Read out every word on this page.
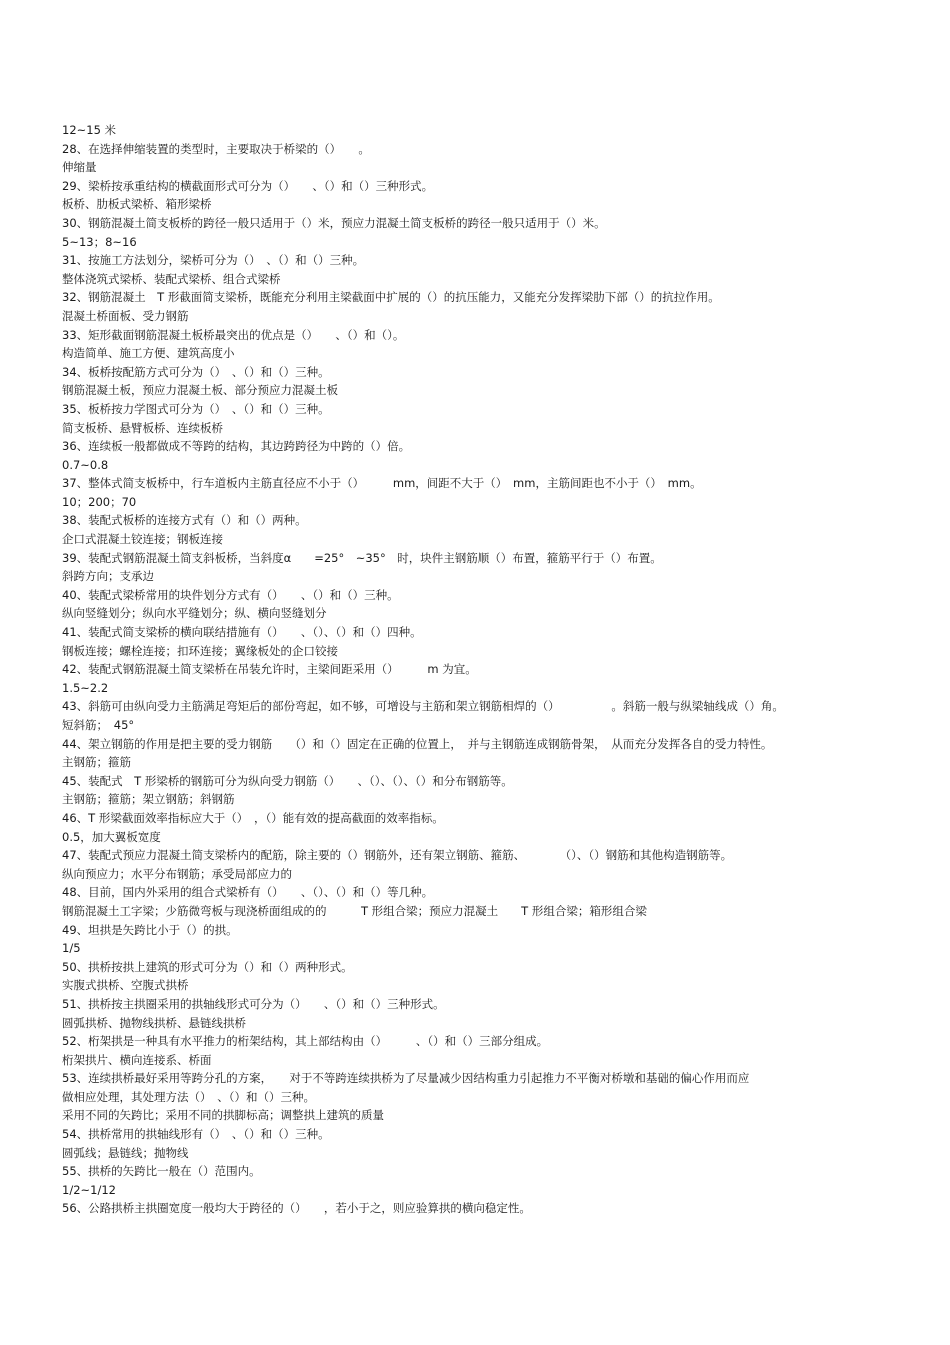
12~15 米
28、在选择伸缩装置的类型时，主要取决于桥梁的（）　　。
伸缩量
29、梁桥按承重结构的横截面形式可分为（）　　、（）和（）三种形式。
板桥、肋板式梁桥、箱形梁桥
30、钢筋混凝土简支板桥的跨径一般只适用于（）米，预应力混凝土简支板桥的跨径一般只适用于（）米。
5~13；8~16
31、按施工方法划分，梁桥可分为（）　、（）和（）三种。
整体浇筑式梁桥、装配式梁桥、组合式梁桥
32、钢筋混凝土　T 形截面简支梁桥，既能充分利用主梁截面中扩展的（）的抗压能力，又能充分发挥梁肋下部（）的抗拉作用。
混凝土桥面板、受力钢筋
33、矩形截面钢筋混凝土板桥最突出的优点是（）　　、（）和（）。
构造简单、施工方便、建筑高度小
34、板桥按配筋方式可分为（）　、（）和（）三种。
钢筋混凝土板，预应力混凝土板、部分预应力混凝土板
35、板桥按力学图式可分为（）　、（）和（）三种。
简支板桥、悬臂板桥、连续板桥
36、连续板一般都做成不等跨的结构，其边跨跨径为中跨的（）倍。
0.7~0.8
37、整体式简支板桥中，行车道板内主筋直径应不小于（）　　　mm，间距不大于（）　mm，主筋间距也不小于（）　mm。
10；200；70
38、装配式板桥的连接方式有（）和（）两种。
企口式混凝土铰连接；钢板连接
39、装配式钢筋混凝土简支斜板桥，当斜度α　　=25°　~35°　时，块件主钢筋顺（）布置，箍筋平行于（）布置。
斜跨方向；支承边
40、装配式梁桥常用的块件划分方式有（）　　、（）和（）三种。
纵向竖缝划分；纵向水平缝划分；纵、横向竖缝划分
41、装配式简支梁桥的横向联结措施有（）　　、（）、（）和（）四种。
钢板连接；螺栓连接；扣环连接；翼缘板处的企口铰接
42、装配式钢筋混凝土简支梁桥在吊装允许时，主梁间距采用（）　　　m 为宜。
1.5~2.2
43、斜筋可由纵向受力主筋满足弯矩后的部份弯起，如不够，可增设与主筋和架立钢筋相焊的（）　　　　　。斜筋一般与纵梁轴线成（）角。
短斜筋；　45°
44、架立钢筋的作用是把主要的受力钢筋　　（）和（）固定在正确的位置上，　并与主钢筋连成钢筋骨架，　从而充分发挥各自的受力特性。
主钢筋；箍筋
45、装配式　T 形梁桥的钢筋可分为纵向受力钢筋（）　　、（）、（）、（）和分布钢筋等。
主钢筋；箍筋；架立钢筋；斜钢筋
46、T 形梁截面效率指标应大于（）　，（）能有效的提高截面的效率指标。
0.5，加大翼板宽度
47、装配式预应力混凝土简支梁桥内的配筋，除主要的（）钢筋外，还有架立钢筋、箍筋、　　　　（）、（）钢筋和其他构造钢筋等。
纵向预应力；水平分布钢筋；承受局部应力的
48、目前，国内外采用的组合式梁桥有（）　　、（）、（）和（）等几种。
钢筋混凝土工字梁；少筋微弯板与现浇桥面组成的的　　　T 形组合梁；预应力混凝土　　T 形组合梁；箱形组合梁
49、坦拱是矢跨比小于（）的拱。
1/5
50、拱桥按拱上建筑的形式可分为（）和（）两种形式。
实腹式拱桥、空腹式拱桥
51、拱桥按主拱圈采用的拱轴线形式可分为（）　　、（）和（）三种形式。
圆弧拱桥、抛物线拱桥、悬链线拱桥
52、桁架拱是一种具有水平推力的桁架结构，其上部结构由（）　　　、（）和（）三部分组成。
桁架拱片、横向连接系、桥面
53、连续拱桥最好采用等跨分孔的方案，　　对于不等跨连续拱桥为了尽量减少因结构重力引起推力不平衡对桥墩和基础的偏心作用而应
做相应处理，其处理方法（）　、（）和（）三种。
采用不同的矢跨比；采用不同的拱脚标高；调整拱上建筑的质量
54、拱桥常用的拱轴线形有（）　、（）和（）三种。
圆弧线；悬链线；抛物线
55、拱桥的矢跨比一般在（）范围内。
1/2~1/12
56、公路拱桥主拱圈宽度一般均大于跨径的（）　　，若小于之，则应验算拱的横向稳定性。
